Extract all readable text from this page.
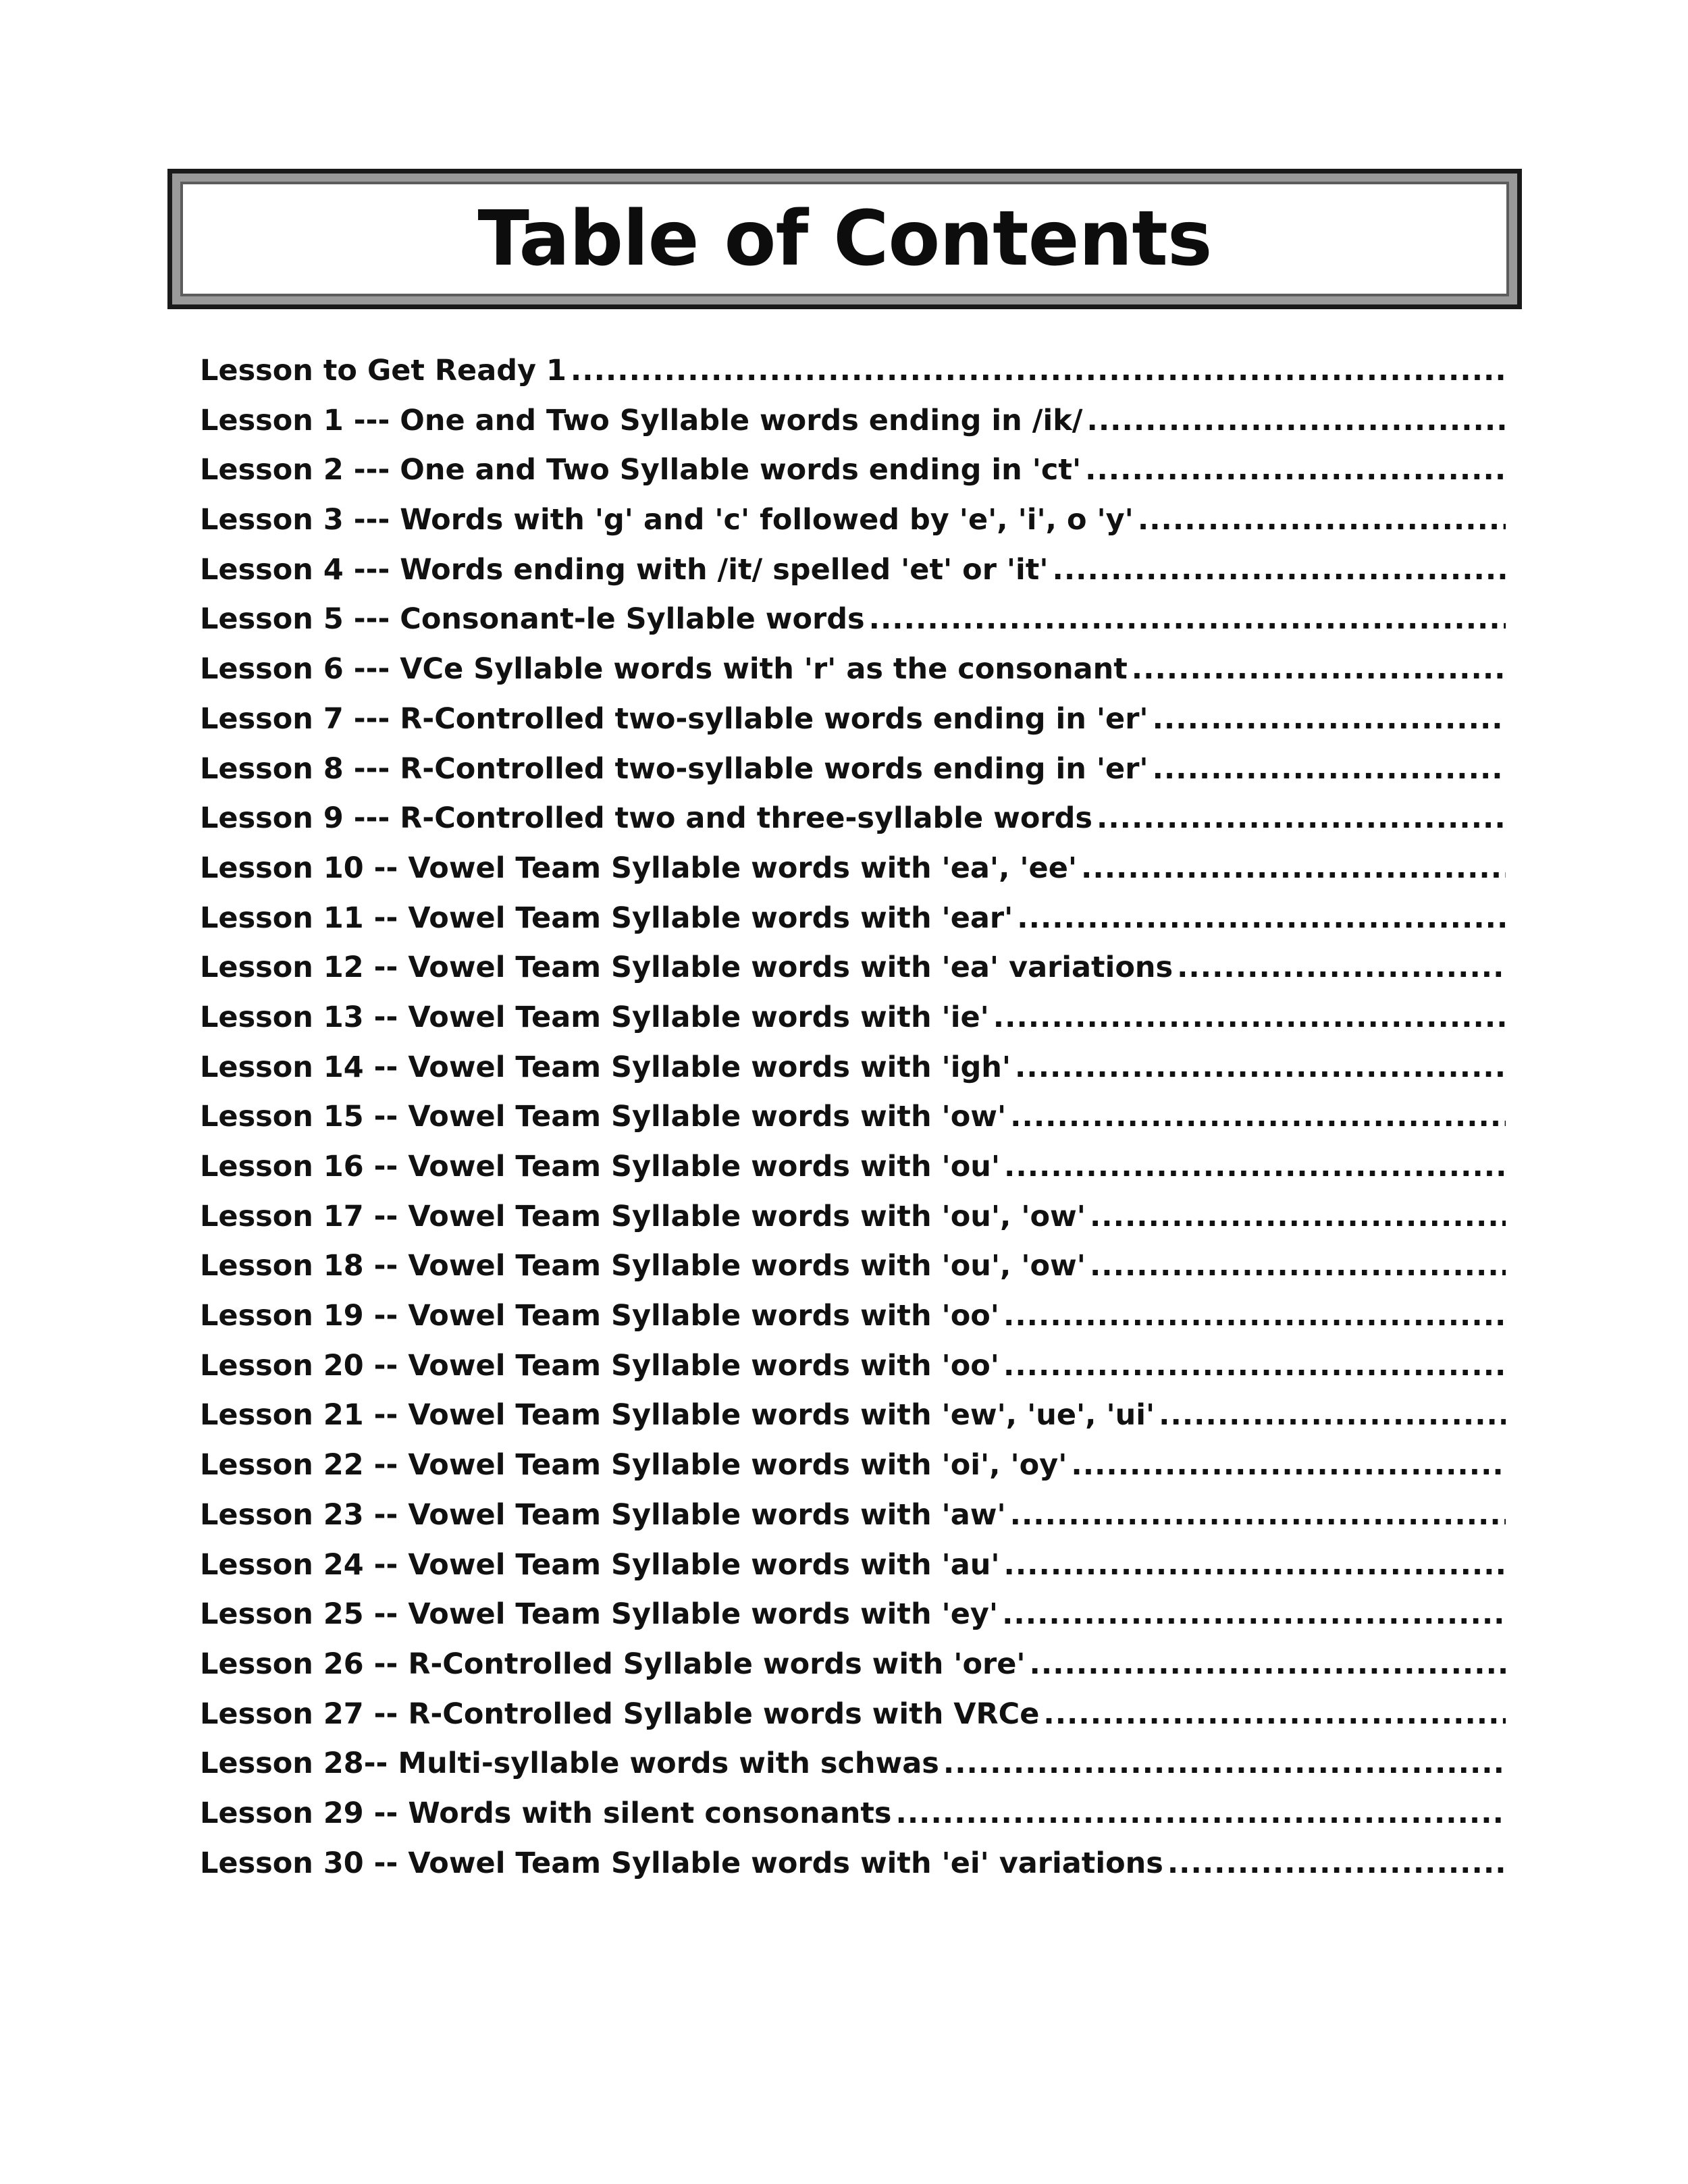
Table of Contents
Lesson to Get Ready 1
.....
Lesson 1 --- One and Two Syllable words ending in /ik/
.....
Lesson 2 --- One and Two Syllable words ending in 'ct'
.....
Lesson 3 --- Words with 'g' and 'c' followed by 'e', 'i', o 'y'
.....
Lesson 4 --- Words ending with /it/ spelled 'et' or 'it'
.....
Lesson 5 --- Consonant-le Syllable words
.....
Lesson 6 --- VCe Syllable words with 'r' as the consonant
.....
Lesson 7 --- R-Controlled two-syllable words ending in 'er'
.....
Lesson 8 --- R-Controlled two-syllable words ending in 'er'
.....
Lesson 9 --- R-Controlled two and three-syllable words
.....
Lesson 10 -- Vowel Team Syllable words with 'ea', 'ee'
.....
Lesson 11 -- Vowel Team Syllable words with 'ear'
.....
Lesson 12 -- Vowel Team Syllable words with 'ea' variations
.....
Lesson 13 -- Vowel Team Syllable words with 'ie'
.....
Lesson 14 -- Vowel Team Syllable words with 'igh'
.....
Lesson 15 -- Vowel Team Syllable words with 'ow'
.....
Lesson 16 -- Vowel Team Syllable words with 'ou'
.....
Lesson 17 -- Vowel Team Syllable words with 'ou', 'ow'
.....
Lesson 18 -- Vowel Team Syllable words with 'ou', 'ow'
.....
Lesson 19 -- Vowel Team Syllable words with 'oo'
.....
Lesson 20 -- Vowel Team Syllable words with 'oo'
.....
Lesson 21 -- Vowel Team Syllable words with 'ew', 'ue', 'ui'
.....
Lesson 22 -- Vowel Team Syllable words with 'oi', 'oy'
.....
Lesson 23 -- Vowel Team Syllable words with 'aw'
.....
Lesson 24 -- Vowel Team Syllable words with 'au'
.....
Lesson 25 -- Vowel Team Syllable words with 'ey'
.....
Lesson 26 -- R-Controlled Syllable words with 'ore'
.....
Lesson 27 -- R-Controlled Syllable words with VRCe
.....
Lesson 28-- Multi-syllable words with schwas
.....
Lesson 29 -- Words with silent consonants
.....
Lesson 30 -- Vowel Team Syllable words with 'ei' variations
.....
